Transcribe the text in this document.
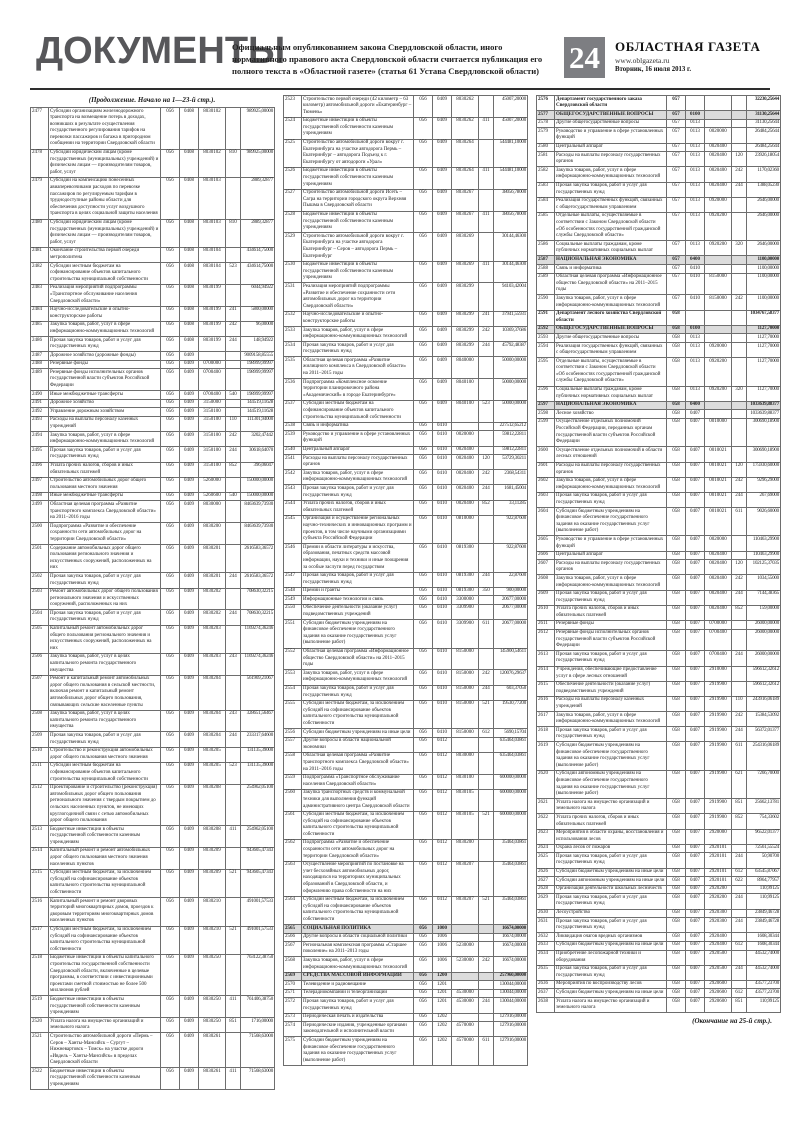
ДОКУМЕНТЫ
Официальным опубликованием закона Свердловской области, иного нормативного правового акта Свердловской области считается публикация его полного текста в «Областной газете» (статья 61 Устава Свердловской области) 24	ОБЛАСТНАЯ ГАЗЕТА
www.oblgazeta.ru
Вторник, 16 июля 2013 г.
(Продолжение. Начало на 1—23-й стр.).
2477	Субсидии организациям железнодорожного транспорта на возмещение потерь в доходах, возникших в результате осуществления государственного регулирования тарифов на перевозки пассажиров и багажа в пригородном сообщении на территории Свердловской области	056	0408	8030102		989925,00000
2478	Субсидии юридическим лицам (кроме государственных (муниципальных) учреждений) и физическим лицам — производителям товаров, работ, услуг	056	0408	8030102	810	989925,00000
2479	Субсидии на компенсацию понесенных авиаперевозчиками расходов по перевозке пассажиров по регулируемым тарифам в труднодоступные районы области для обеспечения доступности услуг воздушного транспорта в целях социальной защиты населения	056	0408	8030103		2889,32877
2480	Субсидии юридическим лицам (кроме государственных (муниципальных) учреждений) и физическим лицам — производителям товаров, работ, услуг	056	0408	8030103	810	2889,32877
2481	Окончание строительства первой очереди метрополитена	056	0408	8030104		434614,75000
2482	Субсидии местным бюджетам на софинансирование объектов капитального строительства муниципальной собственности	056	0408	8030104	523	434614,75000
2483	Реализация мероприятий подпрограммы «Транспортное обслуживание населения Свердловской области»	056	0408	8030199		6044,94922
2484	Научно-исследовательские и опытно-конструкторские работы	056	0408	8030199	241	5800,00000
2485	Закупка товаров, работ, услуг в сфере информационно-коммуникационных технологий	056	0408	8030199	242	96,00000
2486	Прочая закупка товаров, работ и услуг для государственных нужд	056	0408	8030199	244	148,94922
2487	Дорожное хозяйство (дорожные фонды)	056	0409			9009158,85555
2488	Резервные фонды	056	0409	0700000		198999,99997
2489	Резервные фонды исполнительных органов государственной власти субъектов Российской Федерации	056	0409	0700400		198999,99997
2490	Иные межбюджетные трансферты	056	0409	0700400	540	198999,99997
2491	Дорожное хозяйство	056	0409	3150000		144519,11628
2492	Управление дорожным хозяйством	056	0409	3150100		144519,11628
2493	Расходы на выплаты персоналу казенных учреждений	056	0409	3150100	110	111301,94000
2494	Закупка товаров, работ, услуг в сфере информационно-коммуникационных технологий	056	0409	3150100	242	3202,47442
2495	Прочая закупка товаров, работ и услуг для государственных нужд	056	0409	3150100	244	30618,64070
2496	Уплата прочих налогов, сборов и иных обязательных платежей	056	0409	3150100	852	396,06047
2497	Строительство автомобильных дорог общего пользования местного значения	056	0409	5260000		150000,00000
2498	Иные межбюджетные трансферты	056	0409	5260600	540	150000,00000
2499	Областная целевая программа «Развитие транспортного комплекса Свердловской области» на 2011–2016 годы	056	0409	8030000		8463639,73930
2500	Подпрограмма «Развитие и обеспечение сохранности сети автомобильных дорог на территории Свердловской области»	056	0409	8030200		8463639,73930
2501	Содержание автомобильных дорог общего пользования регионального значения и искусственных сооружений, расположенных на них	056	0409	8030201		2616583,36572
2502	Прочая закупка товаров, работ и услуг для государственных нужд	056	0409	8030201	244	2616583,36572
2503	Ремонт автомобильных дорог общего пользования регионального значения и искусственных сооружений, расположенных на них	056	0409	8030202		708630,32215
2504	Прочая закупка товаров, работ и услуг для государственных нужд	056	0409	8030202	244	708630,32215
2505	Капитальный ремонт автомобильных дорог общего пользования регионального значения и искусственных сооружений, расположенных на них	056	0409	8030203		1169274,36246
2506	Закупка товаров, работ, услуг в целях капитального ремонта государственного имущества	056	0409	8030203	243	1169274,36246
2507	Ремонт и капитальный ремонт автомобильных дорог общего пользования в сельской местности, включая ремонт и капитальный ремонт автомобильных дорог общего пользования, связывающих сельские населенные пункты	056	0409	8030204		561969,21067
2508	Закупка товаров, работ, услуг в целях капитального ремонта государственного имущества	056	0409	8030204	243	328651,56467
2509	Прочая закупка товаров, работ и услуг для государственных нужд	056	0409	8030204	244	233317,64600
2510	Строительство и реконструкция автомобильных дорог общего пользования местного значения	056	0409	8030205		131135,39000
2511	Субсидии местным бюджетам на софинансирование объектов капитального строительства муниципальной собственности	056	0409	8030205	523	131135,39000
2512	Проектирование и строительство (реконструкция) автомобильных дорог общего пользования регионального значения с твердым покрытием до сельских населенных пунктов, не имеющих круглогодичной связи с сетью автомобильных дорог общего пользования	056	0409	8030208		254962,05100
2513	Бюджетные инвестиции в объекты государственной собственности казенным учреждениям	056	0409	8030208	411	254962,05100
2514	Капитальный ремонт и ремонт автомобильных дорог общего пользования местного значения населенных пунктов	056	0409	8030209		943605,47343
2515	Субсидии местным бюджетам, за исключением субсидий на софинансирование объектов капитального строительства муниципальной собственности	056	0409	8030209	521	943605,47343
2516	Капитальный ремонт и ремонт дворовых территорий многоквартирных домов, проездов к дворовым территориям многоквартирных домов населенных пунктов	056	0409	8030210		491001,57533
2517	Субсидии местным бюджетам, за исключением субсидий на софинансирование объектов капитального строительства муниципальной собственности	056	0409	8030210	521	491001,57533
2518	Бюджетные инвестиции в объекты капитального строительства государственной собственности Свердловской области, включенные в целевые программы, в соответствии с инвестиционными проектами сметной стоимостью не более 500 миллионов рублей	056	0409	8030250		763122,38750
2519	Бюджетные инвестиции в объекты государственной собственности казенным учреждениям	056	0409	8030250	411	761406,38750
2520	Уплата налога на имущество организаций и земельного налога	056	0409	8030250	851	1716,00000
2521	Строительство автомобильной дороги «Пермь – Серов – Ханты-Мансийск – Сургут – Нижневартовск – Томск» на участке дороги «Ивдель – Ханты-Мансийск» в пределах Свердловской области	056	0409	8030261		71568,63000
2522	Бюджетные инвестиции в объекты государственной собственности казенным учреждениям	056	0409	8030261	411	71568,63000
2523	Строительство первой очереди (42 километр – 63 километр) автомобильной дороги «Екатеринбург – Тюмень»	056	0409	8030262		45007,20000
2524	Бюджетные инвестиции в объекты государственной собственности казенным учреждениям	056	0409	8030262	411	45007,20000
2525	Строительство автомобильной дороги вокруг г. Екатеринбурга на участке автодорога Пермь – Екатеринбург – автодорога Подъезд к г. Екатеринбургу от автодороги «Урал»	056	0409	8030264		544481,10000
2526	Бюджетные инвестиции в объекты государственной собственности казенным учреждениям	056	0409	8030264	411	544481,10000
2527	Строительство автомобильной дороги Исеть – Сагра на территории городского округа Верхняя Пышма в Свердловской области	056	0409	8030267		38056,78000
2528	Бюджетные инвестиции в объекты государственной собственности казенным учреждениям	056	0409	8030267	411	38056,78000
2529	Строительство автомобильной дороги вокруг г. Екатеринбурга на участке автодорога Екатеринбург – Серов – автодорога Пермь – Екатеринбург	056	0409	8030269		30144,46300
2530	Бюджетные инвестиции в объекты государственной собственности казенным учреждениям	056	0409	8030269	411	30144,46300
2531	Реализация мероприятий подпрограммы «Развитие и обеспечение сохранности сети автомобильных дорог на территории Свердловской области»	056	0409	8030299		94103,42004
2532	Научно-исследовательские и опытно-конструкторские работы	056	0409	8030299	241	37941,55931
2533	Закупка товаров, работ, услуг в сфере информационно-коммуникационных технологий	056	0409	8030299	242	10369,37686
2534	Прочая закупка товаров, работ и услуг для государственных нужд	056	0409	8030299	244	45792,48387
2535	Областная целевая программа «Развитие жилищного комплекса в Свердловской области» на 2011–2015 годы	056	0409	8040000		50000,00000
2536	Подпрограмма «Комплексное освоение территории планировочного района «Академический» в городе Екатеринбурге»	056	0409	8040100		50000,00000
2537	Субсидии местным бюджетам на софинансирование объектов капитального строительства муниципальной собственности	056	0409	8040100	523	50000,00000
2538	Связь и информатика	056	0410			227512,65212
2539	Руководство и управление в сфере установленных функций	056	0410	0020000		59812,22811
2540	Центральный аппарат	056	0410	0020400		59812,22811
2541	Расходы на выплаты персоналу государственных органов	056	0410	0020400	120	53729,30211
2542	Закупка товаров, работ, услуг в сфере информационно-коммуникационных технологий	056	0410	0020400	242	2368,54311
2543	Прочая закупка товаров, работ и услуг для государственных нужд	056	0410	0020400	244	1681,45004
2544	Уплата прочих налогов, сборов и иных обязательных платежей	056	0410	0020400	852	33,11285
2545	Организация и осуществление региональных научно-технических и инновационных программ и проектов, в том числе научными организациями субъекта Российской Федерации	056	0410	0810000		922,87600
2546	Премии в области литературы и искусства, образования, печатных средств массовой информации, науки и техники и иные поощрения за особые заслуги перед государством	056	0410	0819300		922,87600
2547	Прочая закупка товаров, работ и услуг для государственных нужд	056	0410	0819300	244	22,87600
2548	Премии и гранты	056	0410	0819300	350	900,00000
2549	Информационные технологии и связь	056	0410	3300000		20677,00000
2550	Обеспечение деятельности (оказание услуг) подведомственных учреждений	056	0410	3309900		20677,00000
2551	Субсидии бюджетным учреждениям на финансовое обеспечение государственного задания на оказание государственных услуг (выполнение работ)	056	0410	3309900	611	20677,00000
2552	Областная целевая программа «Информационное общество Свердловской области» на 2011–2015 годы	056	0410	8150000		145900,54611
2553	Закупка товаров, работ, услуг в сфере информационно-коммуникационных технологий	056	0410	8150000	242	120076,29637
2554	Прочая закупка товаров, работ и услуг для государственных нужд	056	0410	8150000	244	603,37050
2555	Субсидии местным бюджетам, за исключением субсидий на софинансирование объектов капитального строительства муниципальной собственности	056	0410	8150000	521	19530,77200
2556	Субсидии бюджетным учреждениям на иные цели	056	0410	8150000	612	5690,15704
2557	Другие вопросы в области национальной экономики	056	0412			635464,03861
2558	Областная целевая программа «Развитие транспортного комплекса Свердловской области» на 2011–2016 годы	056	0412	8030000		635464,03861
2559	Подпрограмма «Транспортное обслуживание населения Свердловской области»	056	0412	8030100		600000,00000
2560	Закупка транспортных средств и коммунальной техники для выполнения функций административного центра Свердловской области	056	0412	8030105		600000,00000
2561	Субсидии местным бюджетам, за исключением субсидий на софинансирование объектов капитального строительства муниципальной собственности	056	0412	8030105	521	600000,00000
2562	Подпрограмма «Развитие и обеспечение сохранности сети автомобильных дорог на территории Свердловской области»	056	0412	8030200		35464,03861
2563	Осуществление мероприятий по постановке на учет бесхозяйных автомобильных дорог, находящихся на территориях муниципальных образований в Свердловской области, и оформлению права собственности на них	056	0412	8030207		35464,03861
2564	Субсидии местным бюджетам, за исключением субсидий на софинансирование объектов капитального строительства муниципальной собственности	056	0412	8030207	521	35464,03861
2565	СОЦИАЛЬНАЯ ПОЛИТИКА	056	1000			16674,00000
2566	Другие вопросы в области социальной политики	056	1006			16674,00000
2567	Региональная комплексная программа «Старшее поколение» на 2011–2013 годы	056	1006	5230000		16674,00000
2568	Закупка товаров, работ, услуг в сфере информационно-коммуникационных технологий	056	1006	5230000	242	16674,00000
2569	СРЕДСТВА МАССОВОЙ ИНФОРМАЦИИ	056	1200			257960,00000
2570	Телевидение и радиовещание	056	1201			130044,00000
2571	Телерадиокомпании и телеорганизации	056	1201	4530000		130044,00000
2572	Прочая закупка товаров, работ и услуг для государственных нужд	056	1201	4530000	244	130044,00000
2573	Периодическая печать и издательства	056	1202			127916,00000
2574	Периодические издания, учрежденные органами законодательной и исполнительной власти	056	1202	4570000		127916,00000
2575	Субсидии бюджетным учреждениям на финансовое обеспечение государственного задания на оказание государственных услуг (выполнение работ)	056	1202	4570000	611	127916,00000
2576	Департамент государственного заказа Свердловской области	057				32230,25644
2577	ОБЩЕГОСУДАРСТВЕННЫЕ ВОПРОСЫ	057	0100			31130,25644
2578	Другие общегосударственные вопросы	057	0113			31130,25644
2579	Руководство и управление в сфере установленных функций	057	0113	0020000		26484,25644
2580	Центральный аппарат	057	0113	0020400		26484,25644
2581	Расходы на выплаты персоналу государственных органов	057	0113	0020400	120	23926,18054
2582	Закупка товаров, работ, услуг в сфере информационно-коммуникационных технологий	057	0113	0020400	242	1170,02360
2583	Прочая закупка товаров, работ и услуг для государственных нужд	057	0113	0020400	244	1388,05230
2584	Реализация государственных функций, связанных с общегосударственным управлением	057	0113	0920000		2646,00000
2585	Отдельные выплаты, осуществляемые в соответствии с Законом Свердловской области «Об особенностях государственной гражданской службы Свердловской области»	057	0113	0920200		2646,00000
2586	Социальные выплаты гражданам, кроме публичных нормативных социальных выплат	057	0113	0920200	320	2646,00000
2587	НАЦИОНАЛЬНАЯ ЭКОНОМИКА	057	0400			1100,00000
2588	Связь и информатика	057	0410			1100,00000
2589	Областная целевая программа «Информационное общество Свердловской области» на 2011–2015 годы	057	0410	8150000		1100,00000
2590	Закупка товаров, работ, услуг в сфере информационно-коммуникационных технологий	057	0410	8150000	242	1100,00000
2591	Департамент лесного хозяйства Свердловской области	058				1034767,58377
2592	ОБЩЕГОСУДАРСТВЕННЫЕ ВОПРОСЫ	058	0100			1127,70000
2593	Другие общегосударственные вопросы	058	0113			1127,70000
2594	Реализация государственных функций, связанных с общегосударственным управлением	058	0113	0920000		1127,70000
2595	Отдельные выплаты, осуществляемые в соответствии с Законом Свердловской области «Об особенностях государственной гражданской службы Свердловской области»	058	0113	0920200		1127,70000
2596	Социальные выплаты гражданам, кроме публичных нормативных социальных выплат	058	0113	0920200	320	1127,70000
2597	НАЦИОНАЛЬНАЯ ЭКОНОМИКА	058	0400			1033639,88377
2598	Лесное хозяйство	058	0407			1033639,88377
2599	Осуществление отдельных полномочий Российской Федерации, переданных органам государственной власти субъектов Российской Федерации	058	0407	0010000		300690,18900
2600	Осуществление отдельных полномочий в области лесных отношений	058	0407	0010021		300690,18900
2601	Расходы на выплаты персоналу государственных органов	058	0407	0010021	120	175930,60000
2602	Закупка товаров, работ, услуг в сфере информационно-коммуникационных технологий	058	0407	0010021	242	9296,29000
2603	Прочая закупка товаров, работ и услуг для государственных нужд	058	0407	0010021	244	267,69000
2604	Субсидии бюджетным учреждениям на финансовое обеспечение государственного задания на оказание государственных услуг (выполнение работ)	058	0407	0010021	611	9026,60000
2605	Руководство и управление в сфере установленных функций	058	0407	0020000		110463,29900
2606	Центральный аппарат	058	0407	0020400		110463,29900
2607	Расходы на выплаты персоналу государственных органов	058	0407	0020400	120	102125,37035
2608	Закупка товаров, работ, услуг в сфере информационно-коммуникационных технологий	058	0407	0020400	242	1034,55000
2609	Прочая закупка товаров, работ и услуг для государственных нужд	058	0407	0020400	244	7144,38365
2610	Уплата прочих налогов, сборов и иных обязательных платежей	058	0407	0020400	852	159,00000
2611	Резервные фонды	058	0407	0700000		26000,00000
2612	Резервные фонды исполнительных органов государственной власти субъектов Российской Федерации	058	0407	0700400		26000,00000
2613	Прочая закупка товаров, работ и услуг для государственных нужд	058	0407	0700400	244	26000,00000
2614	Учреждения, обеспечивающие предоставление услуг в сфере лесных отношений	058	0407	2910000		596612,32612
2615	Обеспечение деятельности (оказание услуг) подведомственных учреждений	058	0407	2919900		596612,32612
2616	Расходы на выплаты персоналу казенных учреждений	058	0407	2919900	110	243916,06189
2617	Закупка товаров, работ, услуг в сфере информационно-коммуникационных технологий	058	0407	2919900	242	15384,53092
2618	Прочая закупка товаров, работ и услуг для государственных нужд	058	0407	2919900	244	56372,01377
2619	Субсидии бюджетным учреждениям на финансовое обеспечение государственного задания на оказание государственных услуг (выполнение работ)	058	0407	2919900	611	254316,06189
2620	Субсидии автономным учреждениям на финансовое обеспечение государственного задания на оказание государственных услуг (выполнение работ)	058	0407	2919900	621	7266,70000
2621	Уплата налога на имущество организаций и земельного налога	058	0407	2919900	851	25662,13781
2622	Уплата прочих налогов, сборов и иных обязательных платежей	058	0407	2919900	852	754,33602
2623	Мероприятия в области охраны, восстановления и использования лесов	058	0407	2920000		96522,01377
2624	Охрана лесов от пожаров	058	0407	2920101		72561,55524
2625	Прочая закупка товаров, работ и услуг для государственных нужд	058	0407	2920101	244	50,90700
2626	Субсидии бюджетным учреждениям на иные цели	058	0407	2920101	612	63545,87067
2627	Субсидии автономным учреждениям на иные цели	058	0407	2920101	622	8964,77957
2628	Организация деятельности школьных лесничеств	058	0407	2920200		110,99125
2629	Прочая закупка товаров, работ и услуг для государственных нужд	058	0407	2920200	244	110,99125
2630	Лесоустройство	058	0407	2920300		23849,46728
2631	Прочая закупка товаров, работ и услуг для государственных нужд	058	0407	2920300	244	23849,46728
2632	Ликвидация очагов вредных организмов	058	0407	2920400		1608,30344
2633	Субсидии бюджетным учреждениям на иные цели	058	0407	2920400	612	1608,30344
2634	Приобретение лесопожарной техники и оборудования	058	0407	2920500		44532,74000
2635	Прочая закупка товаров, работ и услуг для государственных нужд	058	0407	2920500	244	44532,74000
2636	Мероприятия по воспроизводству лесов	058	0407	2920600		43577,23700
2637	Субсидии бюджетным учреждениям на иные цели	058	0407	2920600	612	43577,23700
2638	Уплата налога на имущество организаций и земельного налога	058	0407	2920600	851	110,99125
(Окончание на 25-й стр.).
